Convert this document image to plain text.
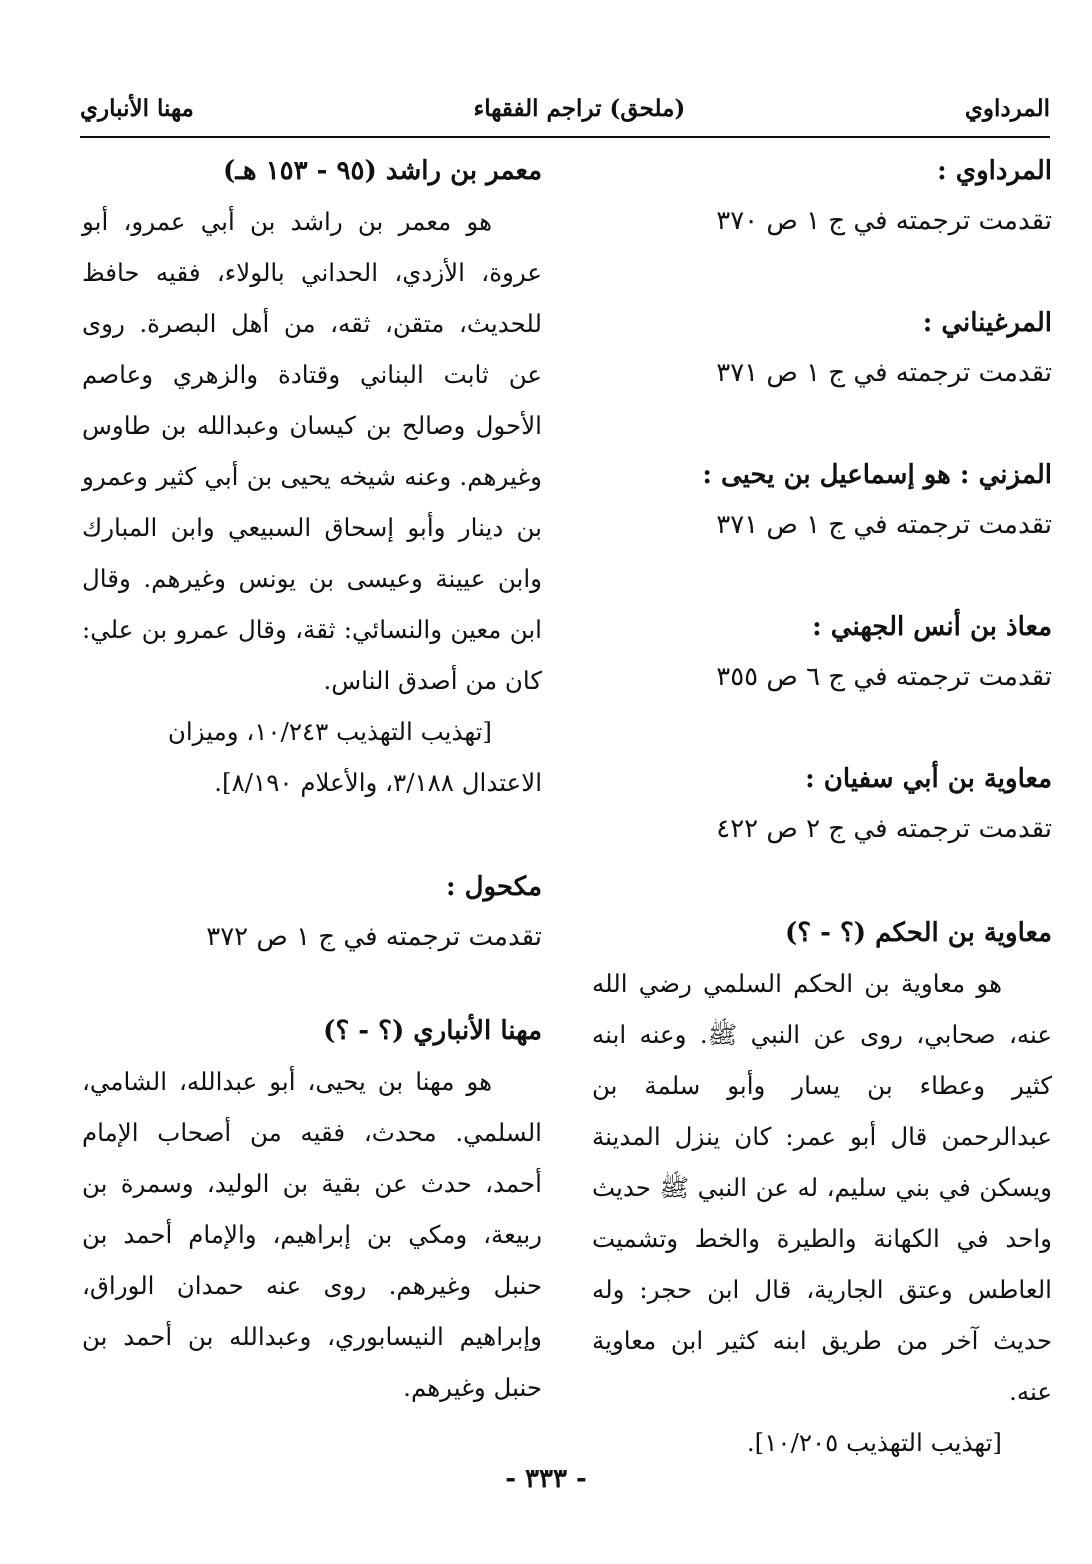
المرداوي
(ملحق) تراجم الفقهاء
مهنا الأنباري
المرداوي :
تقدمت ترجمته في ج ١ ص ٣٧٠
المرغيناني :
تقدمت ترجمته في ج ١ ص ٣٧١
المزني : هو إسماعيل بن يحيى :
تقدمت ترجمته في ج ١ ص ٣٧١
معاذ بن أنس الجهني :
تقدمت ترجمته في ج ٦ ص ٣٥٥
معاوية بن أبي سفيان :
تقدمت ترجمته في ج ٢ ص ٤٢٢
معاوية بن الحكم (؟ - ؟)

هو معاوية بن الحكم السلمي رضي الله عنه، صحابي، روى عن النبي ﷺ. وعنه ابنه كثير وعطاء بن يسار وأبو سلمة بن عبدالرحمن قال أبو عمر: كان ينزل المدينة ويسكن في بني سليم، له عن النبي ﷺ حديث واحد في الكهانة والطيرة والخط وتشميت العاطس وعتق الجارية، قال ابن حجر: وله حديث آخر من طريق ابنه كثير ابن معاوية عنه.

[تهذيب التهذيب ١٠/٢٠٥].

معمر بن راشد (٩٥ - ١٥٣ هـ)

هو معمر بن راشد بن أبي عمرو، أبو عروة، الأزدي، الحداني بالولاء، فقيه حافظ للحديث، متقن، ثقه، من أهل البصرة. روى عن ثابت البناني وقتادة والزهري وعاصم الأحول وصالح بن كيسان وعبدالله بن طاوس وغيرهم. وعنه شيخه يحيى بن أبي كثير وعمرو بن دينار وأبو إسحاق السبيعي وابن المبارك وابن عيينة وعيسى بن يونس وغيرهم. وقال ابن معين والنسائي: ثقة، وقال عمرو بن علي: كان من أصدق الناس.

[تهذيب التهذيب ١٠/٢٤٣، وميزان الاعتدال ٣/١٨٨، والأعلام ٨/١٩٠].

مكحول :
تقدمت ترجمته في ج ١ ص ٣٧٢
مهنا الأنباري (؟ - ؟)

هو مهنا بن يحيى، أبو عبدالله، الشامي، السلمي. محدث، فقيه من أصحاب الإمام أحمد، حدث عن بقية بن الوليد، وسمرة بن ربيعة، ومكي بن إبراهيم، والإمام أحمد بن حنبل وغيرهم. روى عنه حمدان الوراق، وإبراهيم النيسابوري، وعبدالله بن أحمد بن حنبل وغيرهم.

- ٣٣٣ -
